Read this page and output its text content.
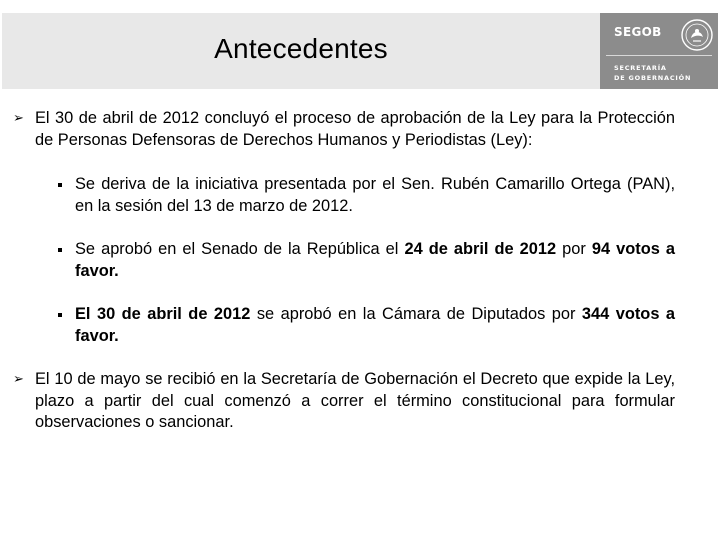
Antecedentes
SEGOB
SECRETARÍA
DE GOBERNACIÓN
➢ El 30 de abril de 2012 concluyó el proceso de aprobación de la Ley para la Protección de Personas Defensoras de Derechos Humanos y Periodistas (Ley):

Se deriva de la iniciativa presentada por el Sen. Rubén Camarillo Ortega (PAN), en la sesión del 13 de marzo de 2012.

Se aprobó en el Senado de la República el 24 de abril de 2012 por 94 votos a favor.

El 30 de abril de 2012 se aprobó en la Cámara de Diputados por 344 votos a favor.

➢ El 10 de mayo se recibió en la Secretaría de Gobernación el Decreto que expide la Ley, plazo a partir del cual comenzó a correr el término constitucional para formular observaciones o sancionar.
